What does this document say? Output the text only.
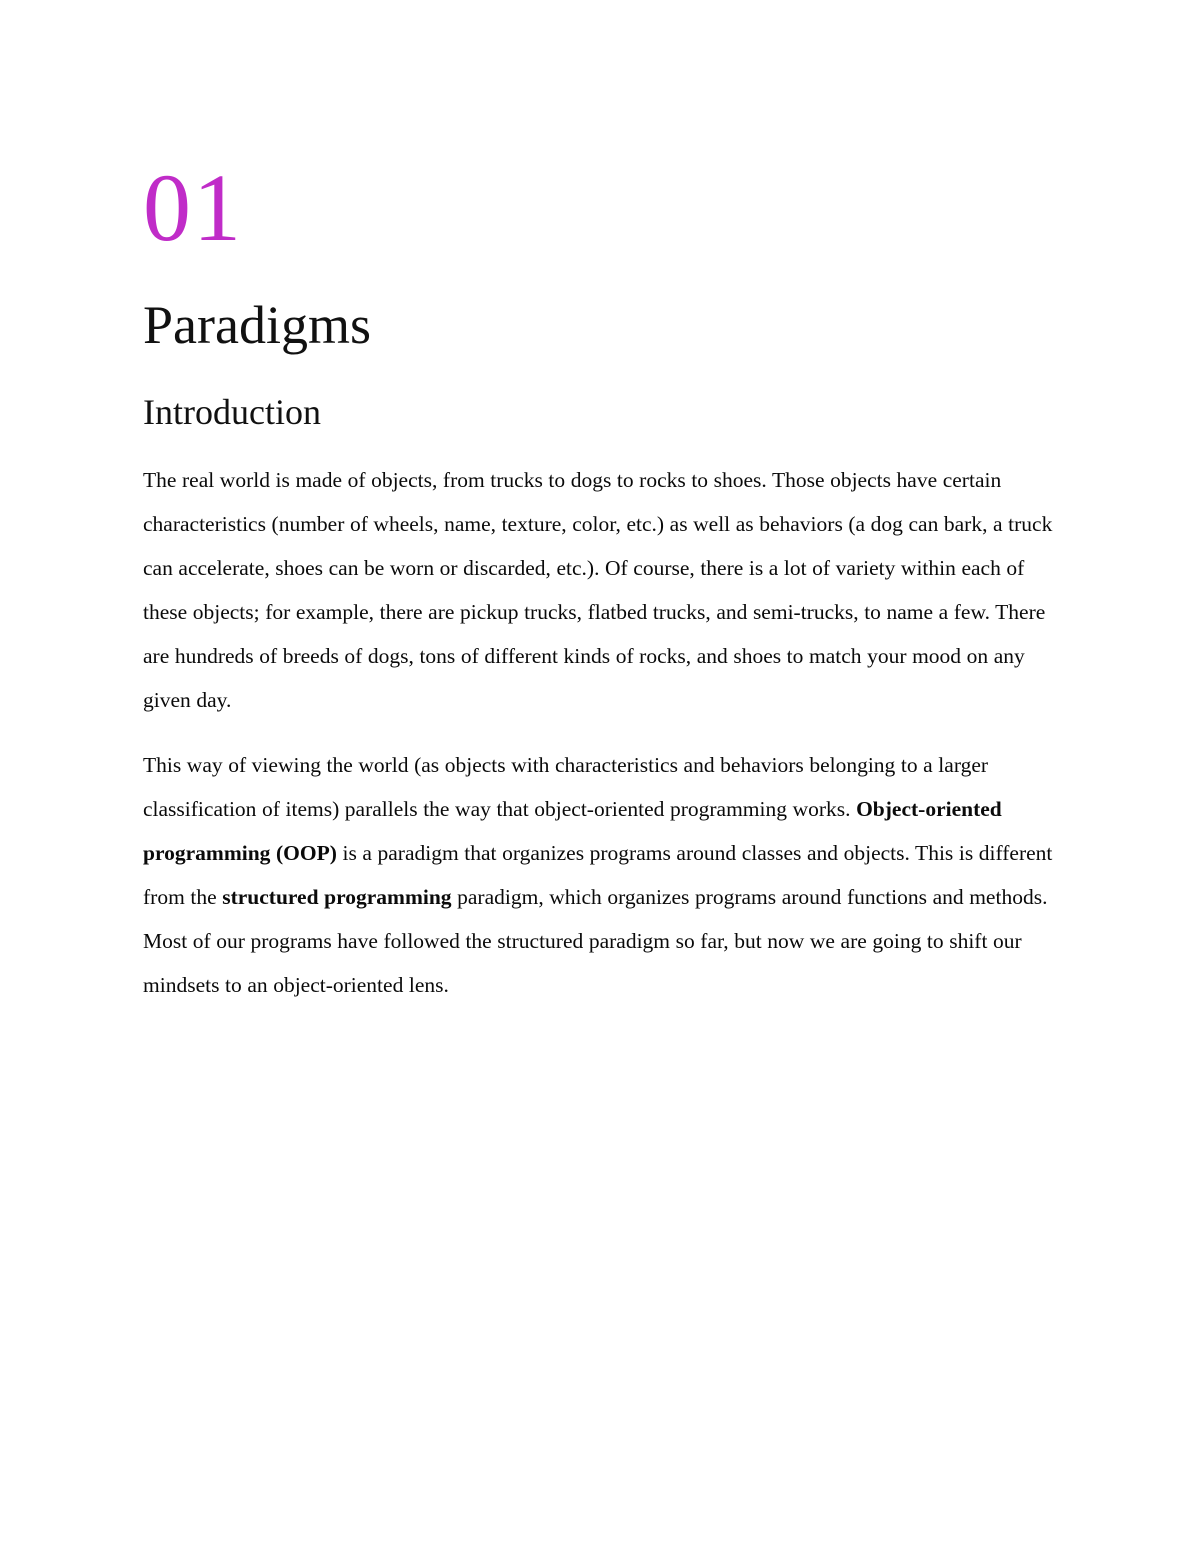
01
Paradigms
Introduction

The real world is made of objects, from trucks to dogs to rocks to shoes. Those objects have certain characteristics (number of wheels, name, texture, color, etc.) as well as behaviors (a dog can bark, a truck can accelerate, shoes can be worn or discarded, etc.). Of course, there is a lot of variety within each of these objects; for example, there are pickup trucks, flatbed trucks, and semi-trucks, to name a few. There are hundreds of breeds of dogs, tons of different kinds of rocks, and shoes to match your mood on any given day.

This way of viewing the world (as objects with characteristics and behaviors belonging to a larger classification of items) parallels the way that object-oriented programming works. Object-oriented programming (OOP) is a paradigm that organizes programs around classes and objects. This is different from the structured programming paradigm, which organizes programs around functions and methods. Most of our programs have followed the structured paradigm so far, but now we are going to shift our mindsets to an object-oriented lens.
